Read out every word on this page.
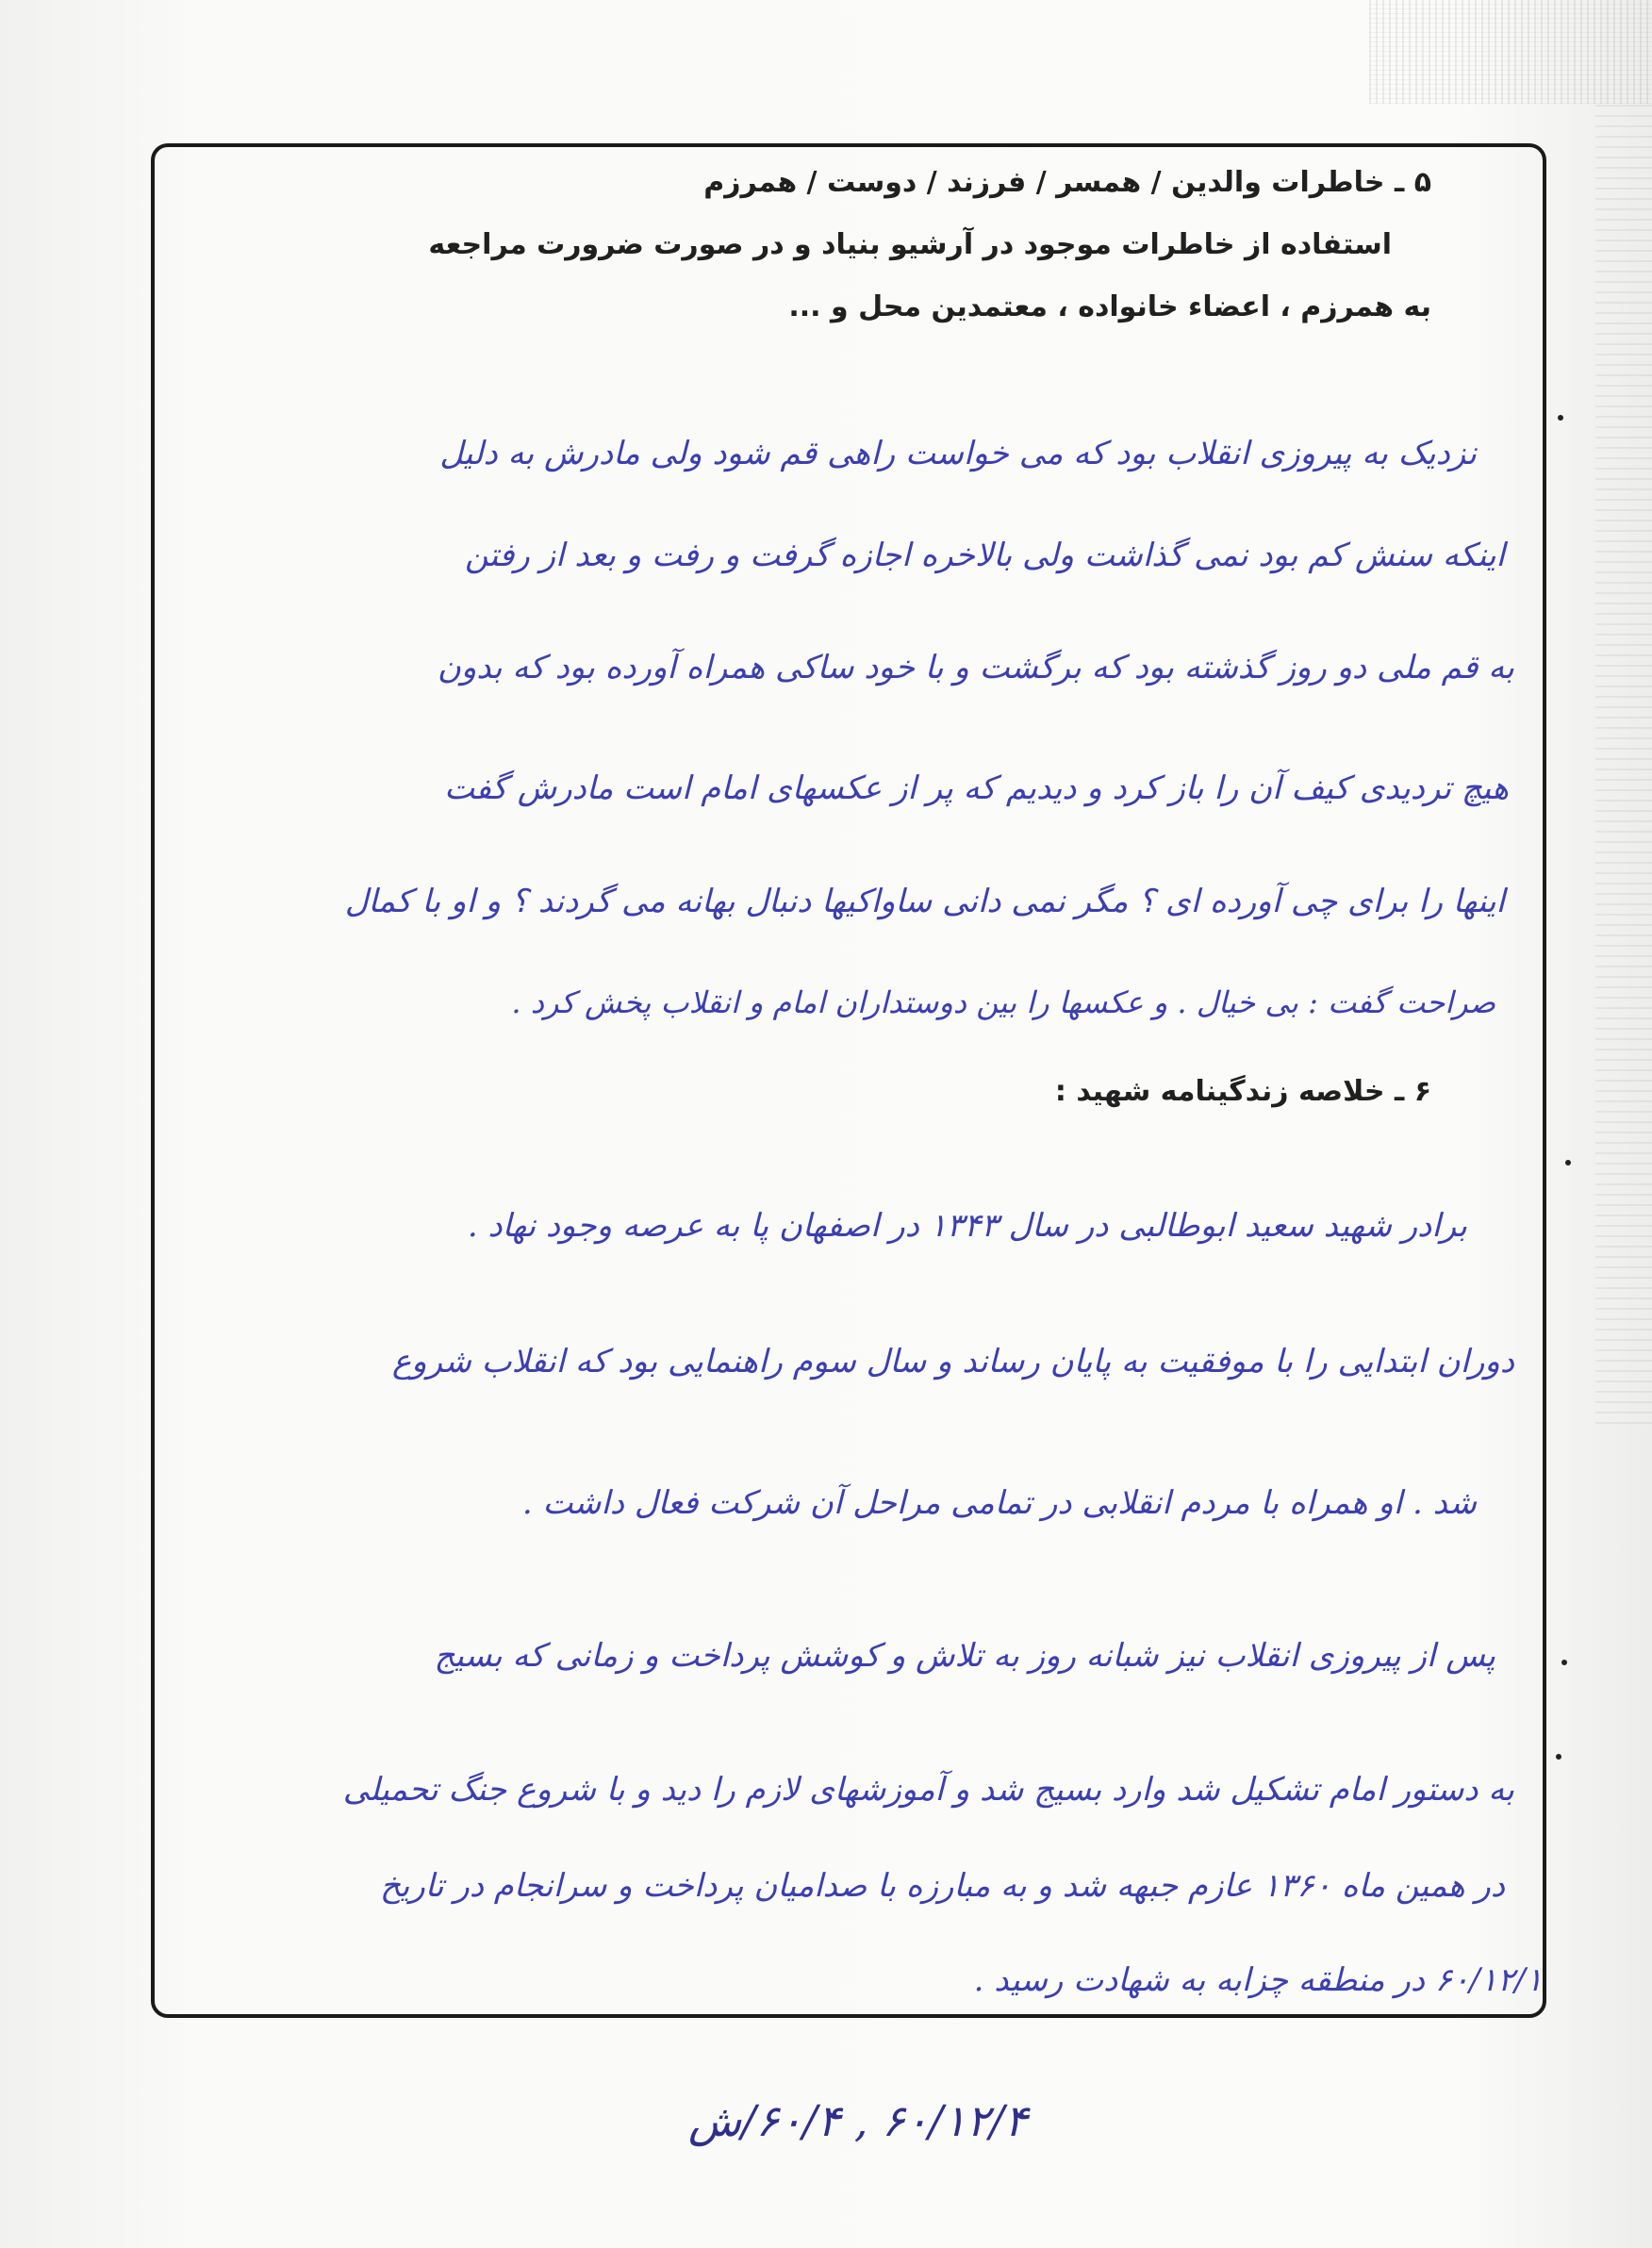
۵ ـ خاطرات والدین / همسر / فرزند / دوست / همرزم
استفاده از خاطرات موجود در آرشیو بنیاد و در صورت ضرورت مراجعه
به همرزم ، اعضاء خانواده ، معتمدین محل و ...
نزدیک به پیروزی انقلاب بود که می خواست راهی قم شود ولی مادرش به دلیل
اینکه سنش کم بود نمی گذاشت ولی بالاخره اجازه گرفت و رفت و بعد از رفتن
به قم ملی دو روز گذشته بود که برگشت و با خود ساکی همراه آورده بود که بدون
هیچ تردیدی کیف آن را باز کرد و دیدیم که پر از عکسهای امام است مادرش گفت
اینها را برای چی آورده ای ؟ مگر نمی دانی ساواکیها دنبال بهانه می گردند ؟ و او با کمال
صراحت گفت : بی خیال . و عکسها را بین دوستداران امام و انقلاب پخش کرد .
۶ ـ خلاصه زندگینامه شهید :
برادر شهید سعید ابوطالبی در سال ۱۳۴۳ در اصفهان پا به عرصه وجود نهاد .
دوران ابتدایی را با موفقیت به پایان رساند و سال سوم راهنمایی بود که انقلاب شروع
شد . او همراه با مردم انقلابی در تمامی مراحل آن شرکت فعال داشت .
پس از پیروزی انقلاب نیز شبانه روز به تلاش و کوشش پرداخت و زمانی که بسیج
به دستور امام تشکیل شد وارد بسیج شد و آموزشهای لازم را دید و با شروع جنگ تحمیلی
در همین ماه ۱۳۶۰ عازم جبهه شد و به مبارزه با صدامیان پرداخت و سرانجام در تاریخ
۶۰/۱۲/۱ در منطقه چزابه به شهادت رسید .
۶۰/۱۲/۴ , ۶۰/۴/ش
